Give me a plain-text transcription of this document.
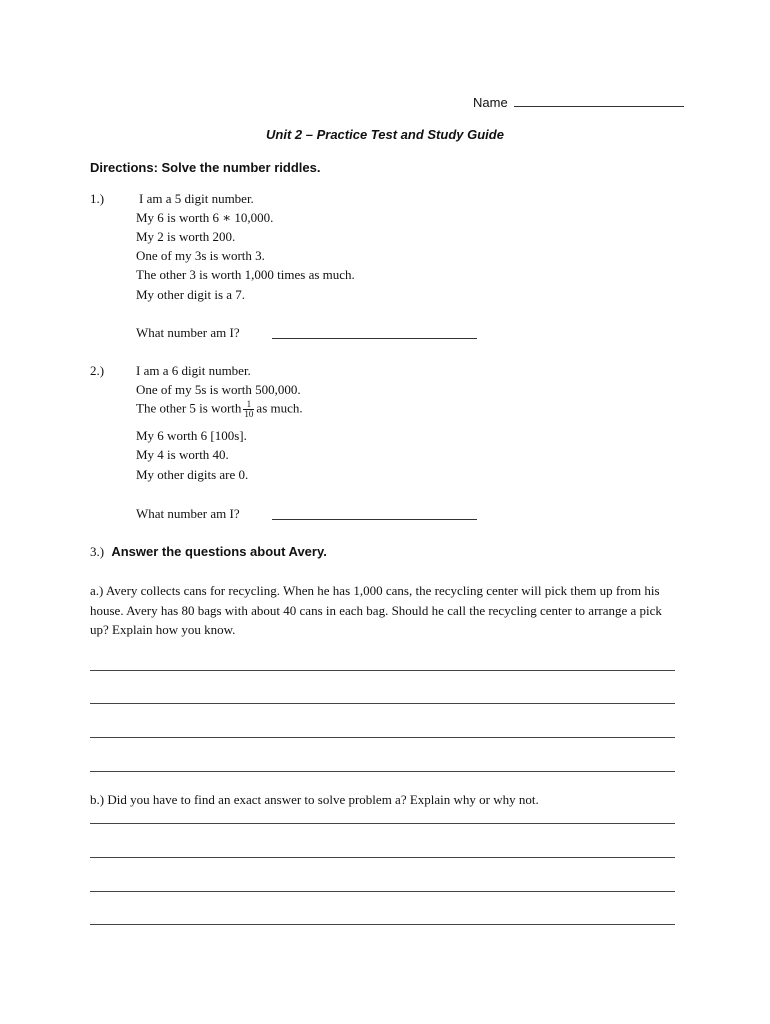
Name
Unit 2 – Practice Test and Study Guide
Directions: Solve the number riddles.
1.)	I am a 5 digit number.
My 6 is worth 6 ∗ 10,000.
My 2 is worth 200.
One of my 3s is worth 3.
The other 3 is worth 1,000 times as much.
My other digit is a 7.
What number am I?
2.) I am a 6 digit number.
One of my 5s is worth 500,000.
The other 5 is worth $\frac{1}{10}$ as much.
My 6 worth 6 [100s].
My 4 is worth 40.
My other digits are 0.
What number am I?
3.) Answer the questions about Avery.
a.) Avery collects cans for recycling. When he has 1,000 cans, the recycling center will pick them up from his house. Avery has 80 bags with about 40 cans in each bag. Should he call the recycling center to arrange a pick up? Explain how you know.
b.) Did you have to find an exact answer to solve problem a? Explain why or why not.
